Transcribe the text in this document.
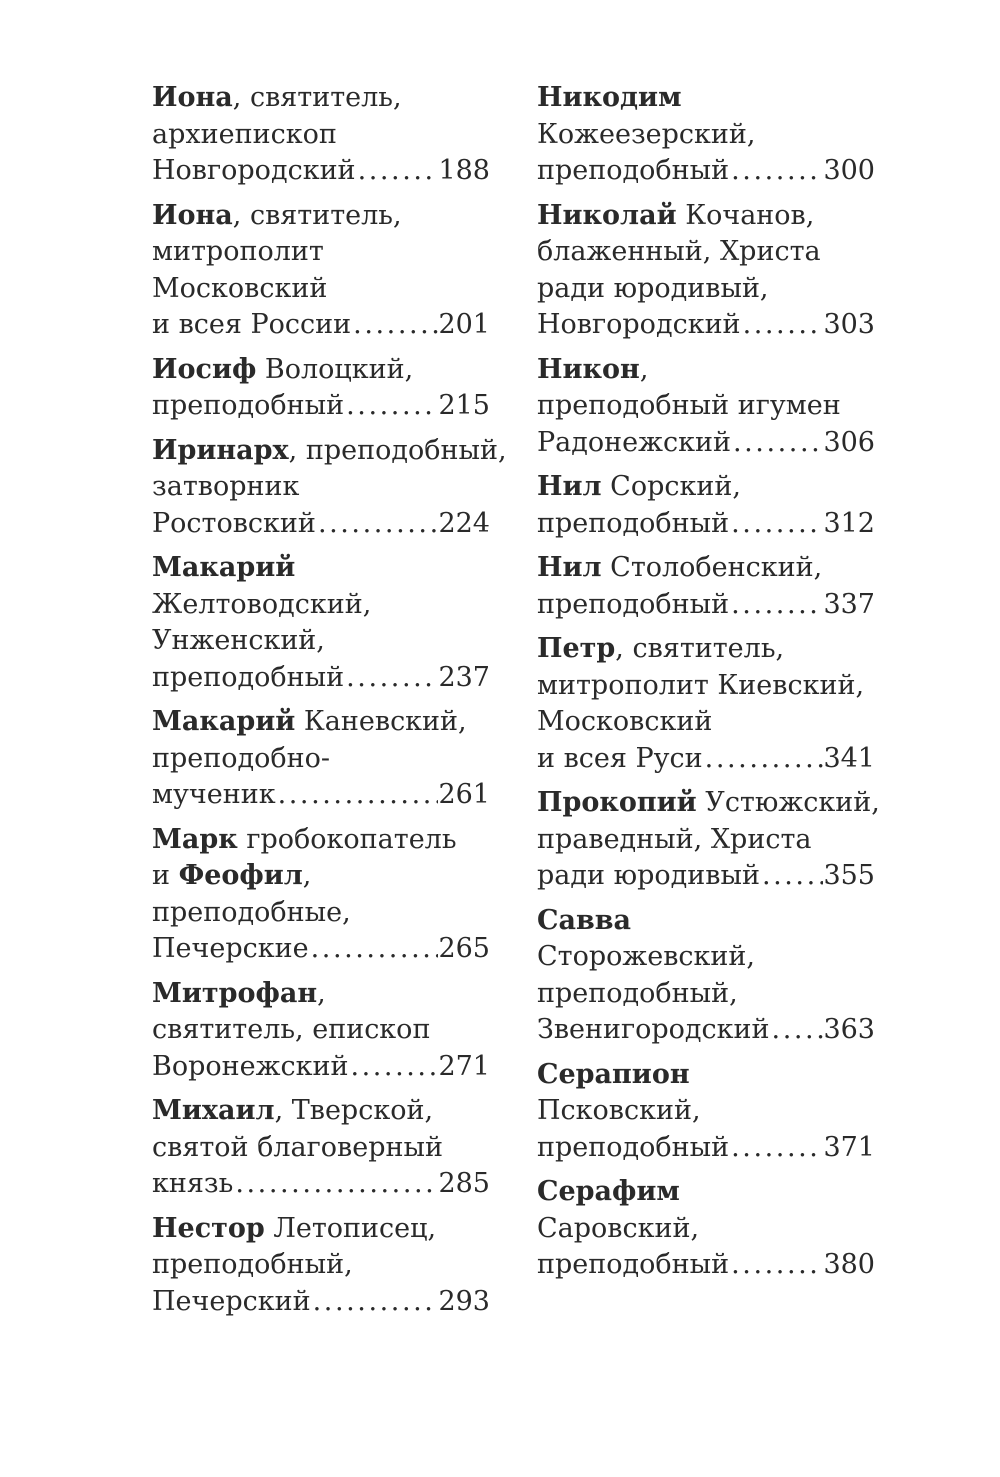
Иона, святитель,
архиепископ
Новгородский . . .	188
Иона, святитель,
митрополит
Московский
и всея России . . .	201
Иосиф Волоцкий,
преподобный . . .	215
Иринарх, преподобный,
затворник
Ростовский . . .	224
Макарий
Желтоводский,
Унженский,
преподобный . . .	237
Макарий Каневский,
преподобно-
мученик . . .	261
Марк гробокопатель
и Феофил,
преподобные,
Печерские . . .	265
Митрофан,
святитель, епископ
Воронежский . . .	271
Михаил, Тверской,
святой благоверный
князь . . .	285
Нестор Летописец,
преподобный,
Печерский . . .	293
Никодим
Кожеезерский,
преподобный . . .	300
Николай Кочанов,
блаженный, Христа
ради юродивый,
Новгородский . . .	303
Никон,
преподобный игумен
Радонежский . . .	306
Нил Сорский,
преподобный . . .	312
Нил Столобенский,
преподобный . . .	337
Петр, святитель,
митрополит Киевский,
Московский
и всея Руси . . .	341
Прокопий Устюжский,
праведный, Христа
ради юродивый . . . 355
Савва
Сторожевский,
преподобный,
Звенигородский . . . 363
Серапион
Псковский,
преподобный . . .	371
Серафим
Саровский,
преподобный . . .	380
